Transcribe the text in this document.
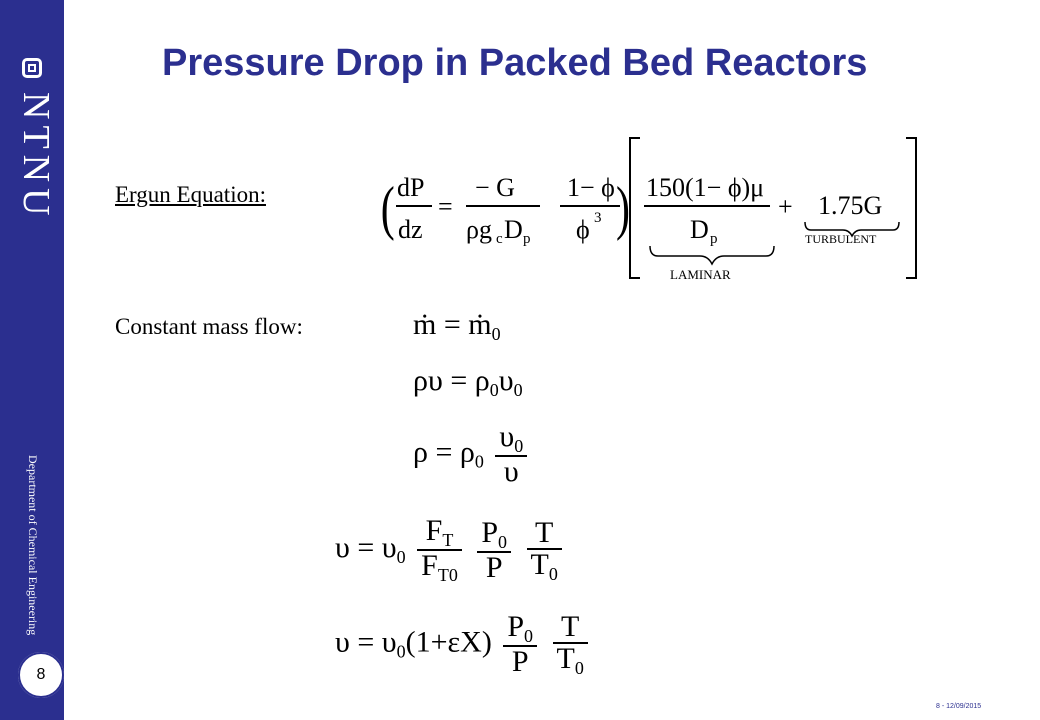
NTNU
Department of Chemical Engineering
8
Pressure Drop in Packed Bed Reactors
Ergun Equation:
Constant mass flow:
dP
dz
=
− G
ρg c D p
(	1− ϕ
ϕ 3 ) 150(1− ϕ)μ
D p
LAMINAR
+ 1.75G
TURBULENT
ṁ = ṁ$_0$
$\rho\upsilon = \rho_0\upsilon_0$
$\rho = \rho_0 \frac{\upsilon_0}{\upsilon}$
$\upsilon = \upsilon_0 \frac{F_T}{F_{T0}}$
$\frac{P_0}{P}$
$\frac{T}{T_0}$
$\upsilon = \upsilon_0(1+\varepsilon X) \frac{P_0}{P}$
$\frac{T}{T_0}$
8 - 12/09/2015
